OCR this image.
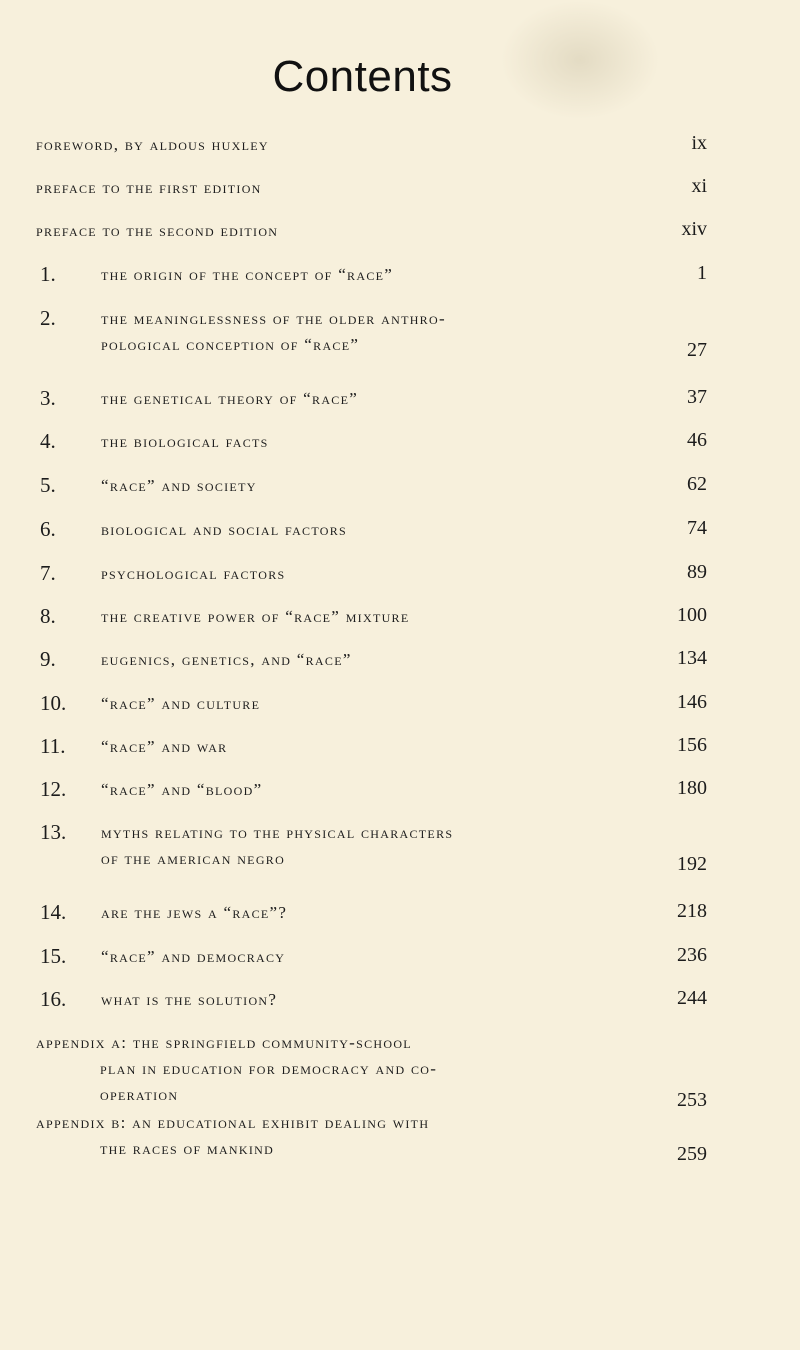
Contents
foreword, by aldous huxley	ix
preface to the first edition	xi
preface to the second edition	xiv
1.	the origin of the concept of “race”	1
2.	the meaninglessness of the older anthro-
pological conception of “race”	27
3.	the genetical theory of “race”	37
4.	the biological facts	46
5.	“race” and society	62
6.	biological and social factors	74
7.	psychological factors	89
8.	the creative power of “race” mixture	100
9.	eugenics, genetics, and “race”	134
10. “race” and culture	146
11. “race” and war	156
12. “race” and “blood”	180
13. myths relating to the physical characters
of the american negro	192
14. are the jews a “race”?	218
15. “race” and democracy	236
16. what is the solution?	244
appendix a: the springfield community-school
plan in education for democracy and co-
operation	253
appendix b: an educational exhibit dealing with
the races of mankind	259
